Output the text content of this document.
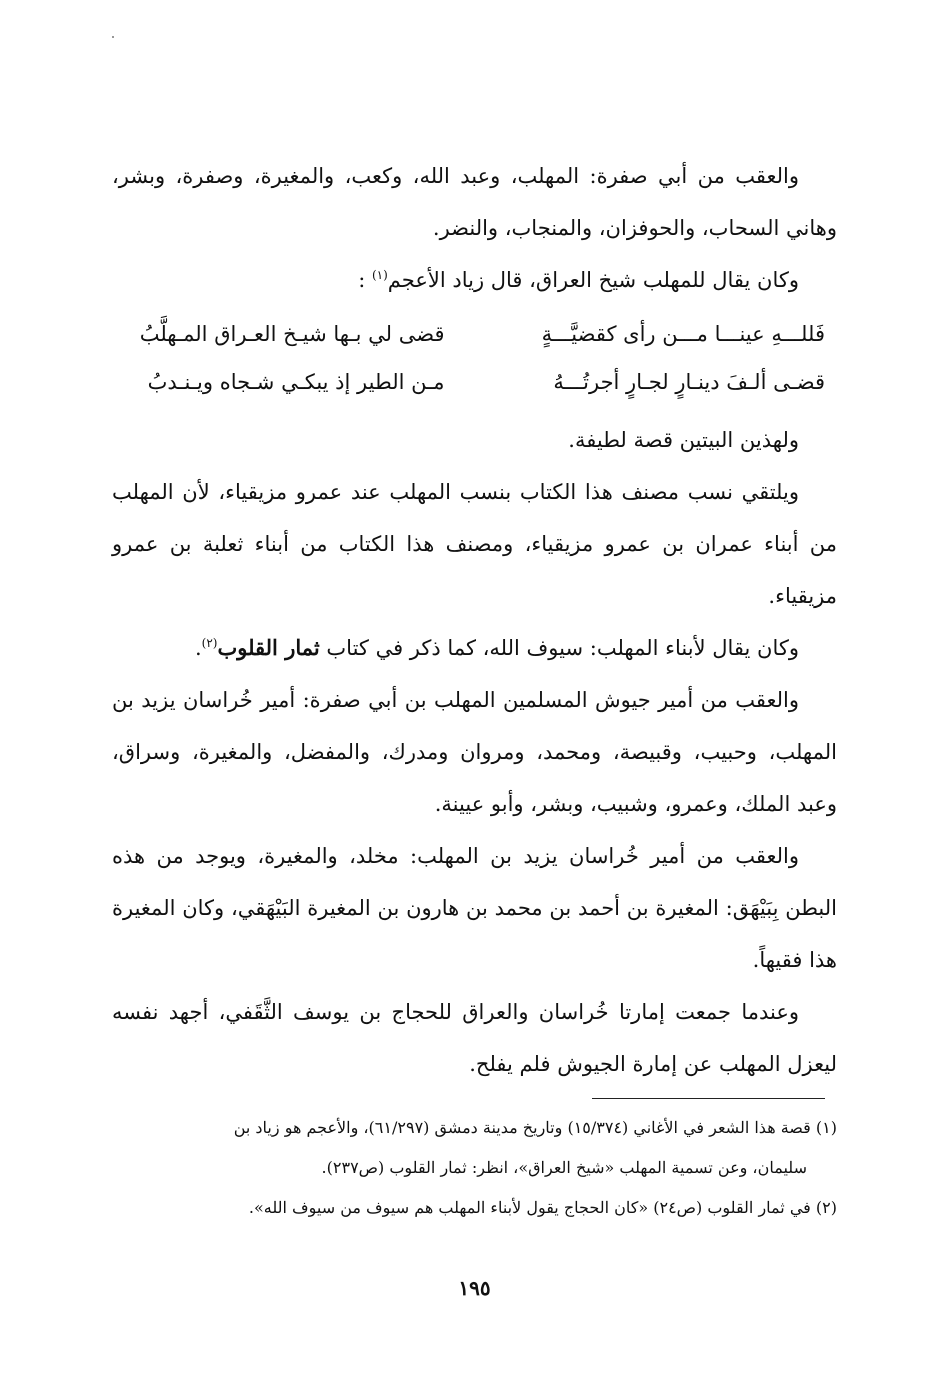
والعقب من أبي صفرة: المهلب، وعبد الله، وكعب، والمغيرة، وصفرة، وبشر، وهاني السحاب، والحوفزان، والمنجاب، والنضر.

وكان يقال للمهلب شيخ العراق، قال زياد الأعجم$^{(١)}$ :

فَللـــهِ عينـــا مـــن رأى كقضيَّـــةٍ
قضى لي بـها شيـخ العـراق المـهلَّبُ
قضـى ألـفَ دينـارٍ لجـارٍ أجرتُـــهُ
مـن الطير إذ يبكـي شـجاه ويـنـدبُ

ولهذين البيتين قصة لطيفة.

ويلتقي نسب مصنف هذا الكتاب بنسب المهلب عند عمرو مزيقياء، لأن المهلب من أبناء عمران بن عمرو مزيقياء، ومصنف هذا الكتاب من أبناء ثعلبة بن عمرو مزيقياء.

وكان يقال لأبناء المهلب: سيوف الله، كما ذكر في كتاب ثمار القلوب$^{(٢)}$.

والعقب من أمير جيوش المسلمين المهلب بن أبي صفرة: أمير خُراسان يزيد بن المهلب، وحبيب، وقبيصة، ومحمد، ومروان ومدرك، والمفضل، والمغيرة، وسراق، وعبد الملك، وعمرو، وشبيب، وبشر، وأبو عيينة.

والعقب من أمير خُراسان يزيد بن المهلب: مخلد، والمغيرة، ويوجد من هذه البطن بِبَيْهَق: المغيرة بن أحمد بن محمد بن هارون بن المغيرة البَيْهَقي، وكان المغيرة هذا فقيهاً.

وعندما جمعت إمارتا خُراسان والعراق للحجاج بن يوسف الثَّقَفي، أجهد نفسه ليعزل المهلب عن إمارة الجيوش فلم يفلح.

(١) قصة هذا الشعر في الأغاني (١٥/٣٧٤) وتاريخ مدينة دمشق (٦١/٢٩٧)، والأعجم هو زياد بن

سليمان، وعن تسمية المهلب «شيخ العراق»، انظر: ثمار القلوب (ص٢٣٧).

(٢) في ثمار القلوب (ص٢٤) «كان الحجاج يقول لأبناء المهلب هم سيوف من سيوف الله».

١٩٥
